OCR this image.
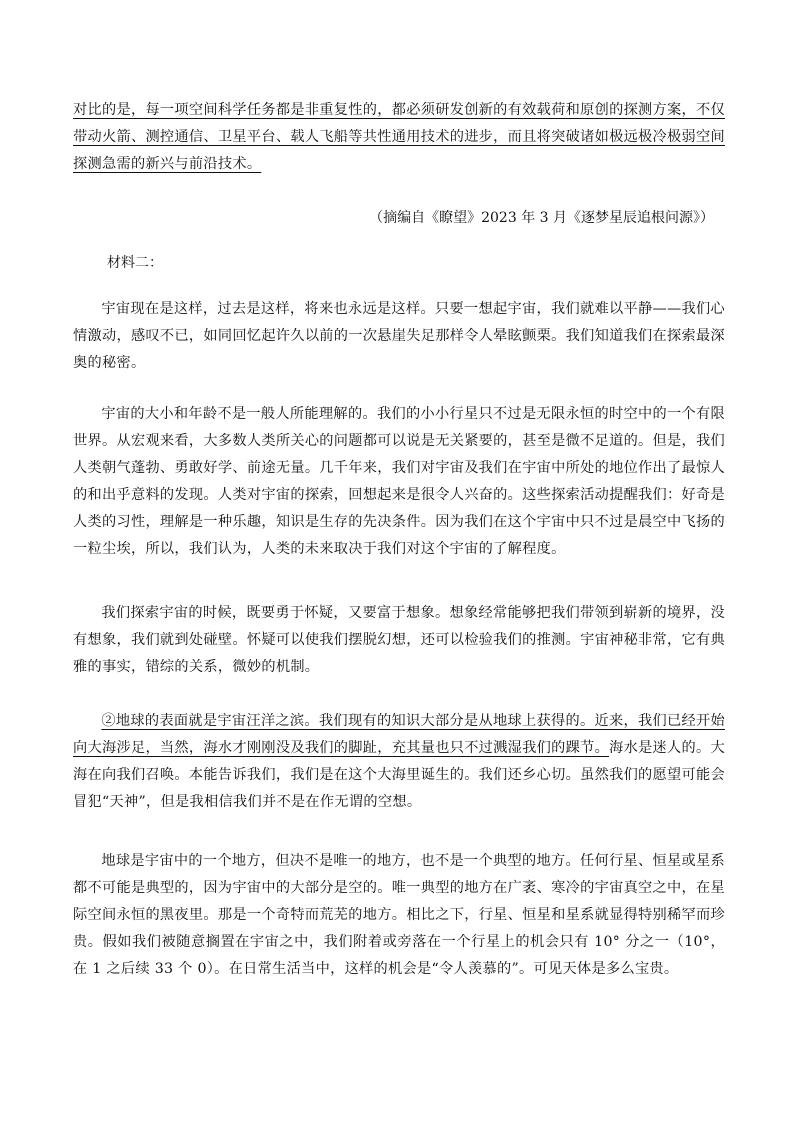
对比的是，每一项空间科学任务都是非重复性的，都必须研发创新的有效载荷和原创的探测方案，不仅带动火箭、测控通信、卫星平台、载人飞船等共性通用技术的进步，而且将突破诸如极远极冷极弱空间探测急需的新兴与前沿技术。

（摘编自《瞭望》2023 年 3 月《逐梦星辰追根问源》）

材料二：

宇宙现在是这样，过去是这样，将来也永远是这样。只要一想起宇宙，我们就难以平静——我们心情激动，感叹不已，如同回忆起许久以前的一次悬崖失足那样令人晕眩颤栗。我们知道我们在探索最深奥的秘密。

宇宙的大小和年龄不是一般人所能理解的。我们的小小行星只不过是无限永恒的时空中的一个有限世界。从宏观来看，大多数人类所关心的问题都可以说是无关紧要的，甚至是微不足道的。但是，我们人类朝气蓬勃、勇敢好学、前途无量。几千年来，我们对宇宙及我们在宇宙中所处的地位作出了最惊人的和出乎意料的发现。人类对宇宙的探索，回想起来是很令人兴奋的。这些探索活动提醒我们：好奇是人类的习性，理解是一种乐趣，知识是生存的先决条件。因为我们在这个宇宙中只不过是晨空中飞扬的一粒尘埃，所以，我们认为，人类的未来取决于我们对这个宇宙的了解程度。

我们探索宇宙的时候，既要勇于怀疑，又要富于想象。想象经常能够把我们带领到崭新的境界，没有想象，我们就到处碰壁。怀疑可以使我们摆脱幻想，还可以检验我们的推测。宇宙神秘非常，它有典雅的事实，错综的关系，微妙的机制。

②地球的表面就是宇宙汪洋之滨。我们现有的知识大部分是从地球上获得的。近来，我们已经开始向大海涉足，当然，海水才刚刚没及我们的脚趾，充其量也只不过溅湿我们的踝节。海水是迷人的。大海在向我们召唤。本能告诉我们，我们是在这个大海里诞生的。我们还乡心切。虽然我们的愿望可能会冒犯“天神”，但是我相信我们并不是在作无谓的空想。

地球是宇宙中的一个地方，但决不是唯一的地方，也不是一个典型的地方。任何行星、恒星或星系都不可能是典型的，因为宇宙中的大部分是空的。唯一典型的地方在广袤、寒冷的宇宙真空之中，在星际空间永恒的黑夜里。那是一个奇特而荒芜的地方。相比之下，行星、恒星和星系就显得特别稀罕而珍贵。假如我们被随意搁置在宇宙之中，我们附着或旁落在一个行星上的机会只有 10° 分之一（10°，在 1 之后续 33 个 0）。在日常生活当中，这样的机会是“令人羡慕的”。可见天体是多么宝贵。
